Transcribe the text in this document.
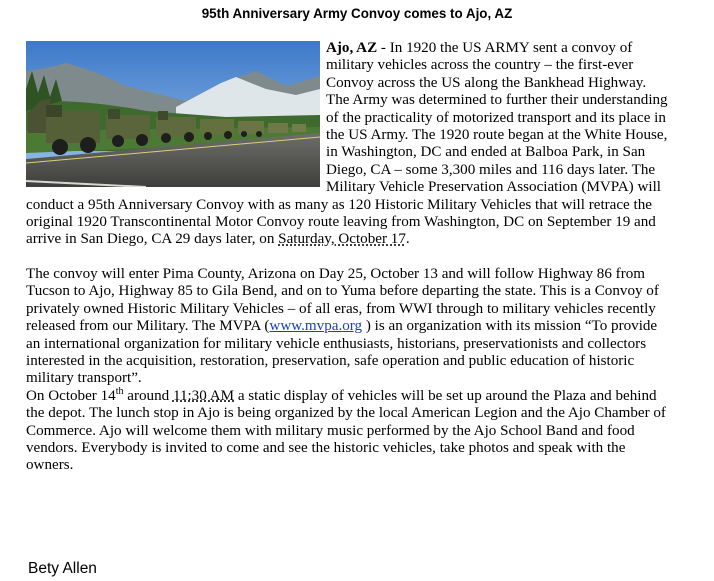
95th Anniversary Army Convoy comes to Ajo, AZ

Ajo, AZ - In 1920 the US ARMY sent a convoy of military vehicles across the country – the first-ever Convoy across the US along the Bankhead Highway. The Army was determined to further their understanding of the practicality of motorized transport and its place in the US Army. The 1920 route began at the White House, in Washington, DC and ended at Balboa Park, in San Diego, CA – some 3,300 miles and 116 days later. The Military Vehicle Preservation Association (MVPA) will conduct a 95th Anniversary Convoy with as many as 120 Historic Military Vehicles that will retrace the original 1920 Transcontinental Motor Convoy route leaving from Washington, DC on September 19 and arrive in San Diego, CA 29 days later, on Saturday, October 17.

The convoy will enter Pima County, Arizona on Day 25, October 13 and will follow Highway 86 from Tucson to Ajo, Highway 85 to Gila Bend, and on to Yuma before departing the state. This is a Convoy of privately owned Historic Military Vehicles – of all eras, from WWI through to military vehicles recently released from our Military. The MVPA (www.mvpa.org ) is an organization with its mission “To provide an international organization for military vehicle enthusiasts, historians, preservationists and collectors interested in the acquisition, restoration, preservation, safe operation and public education of historic military transport”.

On October 14th around 11:30 AM a static display of vehicles will be set up around the Plaza and behind the depot. The lunch stop in Ajo is being organized by the local American Legion and the Ajo Chamber of Commerce. Ajo will welcome them with military music performed by the Ajo School Band and food vendors. Everybody is invited to come and see the historic vehicles, take photos and speak with the owners.

Bety Allen
